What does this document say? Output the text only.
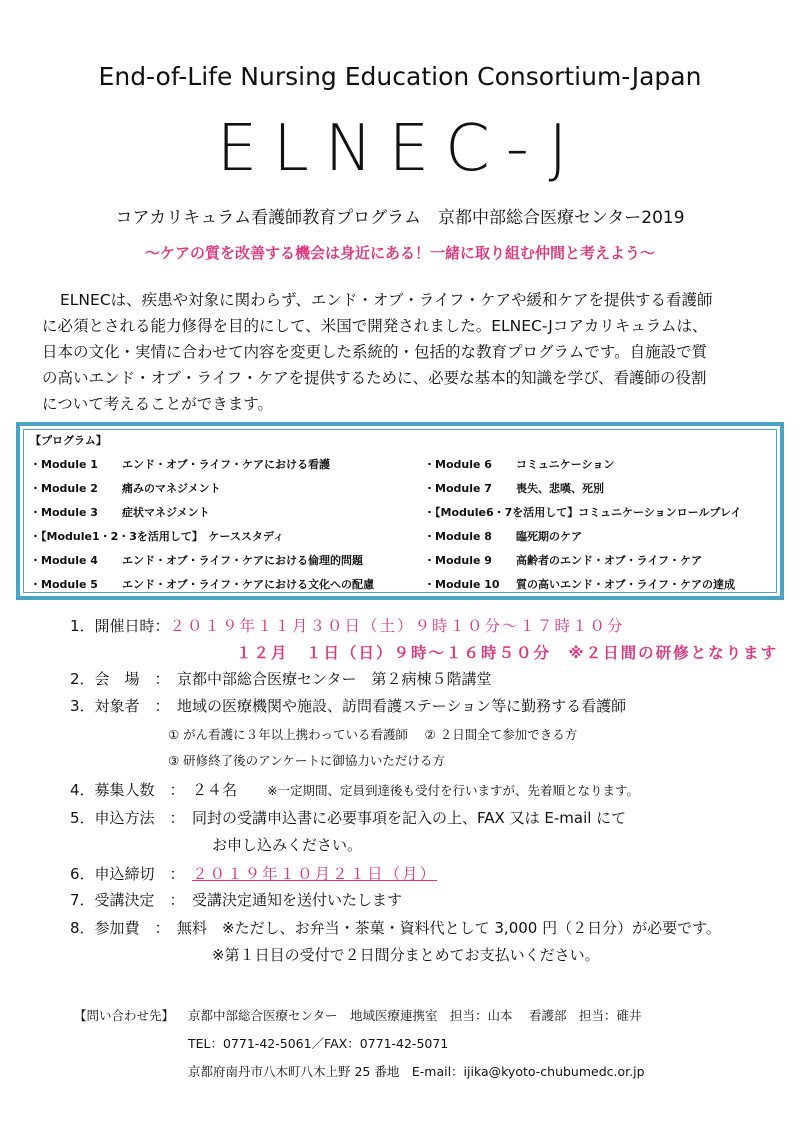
End-of-Life Nursing Education Consortium-Japan
ELNEC-J
コアカリキュラム看護師教育プログラム　京都中部総合医療センター2019
～ケアの質を改善する機会は身近にある！一緒に取り組む仲間と考えよう～
ELNECは、疾患や対象に関わらず、エンド・オブ・ライフ・ケアや緩和ケアを提供する看護師
に必須とされる能力修得を目的にして、米国で開発されました。ELNEC-Jコアカリキュラムは、
日本の文化・実情に合わせて内容を変更した系統的・包括的な教育プログラムです。自施設で質
の高いエンド・オブ・ライフ・ケアを提供するために、必要な基本的知識を学び、看護師の役割
について考えることができます。
【プログラム】
・Module 1 エンド・オブ・ライフ・ケアにおける看護
・Module 2 痛みのマネジメント
・Module 3 症状マネジメント
・【Module1・2・3を活用して】　 ケーススタディ
・Module 4 エンド・オブ・ライフ・ケアにおける倫理的問題
・Module 5 エンド・オブ・ライフ・ケアにおける文化への配慮
・Module 6 コミュニケーション
・Module 7 喪失、悲嘆、死別
・【Module6・7を活用して】コミュニケーションロールプレイ
・Module 8 臨死期のケア
・Module 9 高齢者のエンド・オブ・ライフ・ケア
・Module 10 質の高いエンド・オブ・ライフ・ケアの達成
1．開催日時：２０１９年１１月３０日（土）９時１０分～１７時１０分
１２月　１日（日）９時～１６時５０分　※２日間の研修となります
2．会　場　：　京都中部総合医療センター　第２病棟５階講堂
3．対象者　：　地域の医療機関や施設、訪問看護ステーション等に勤務する看護師
① がん看護に３年以上携わっている看護師　 ② ２日間全て参加できる方
③ 研修終了後のアンケートに御協力いただける方
4．募集人数　：　２４名　　 ※一定期間、定員到達後も受付を行いますが、先着順となります。
5．申込方法　：　同封の受講申込書に必要事項を記入の上、FAX 又は E-mail にて
お申し込みください。
6．申込締切　：　 ２０１９年１０月２１日（月）
7．受講決定　：　受講決定通知を送付いたします
8．参加費　：　無料　※ただし、お弁当・茶菓・資料代として 3,000 円（２日分）が必要です。
※第１日目の受付で２日間分まとめてお支払いください。
【問い合わせ先】 京都中部総合医療センター　地域医療連携室　担当：山本　 看護部　担当：碓井
TEL：0771-42-5061／FAX：0771-42-5071
京都府南丹市八木町八木上野 25 番地　E-mail：ijika@kyoto-chubumedc.or.jp
